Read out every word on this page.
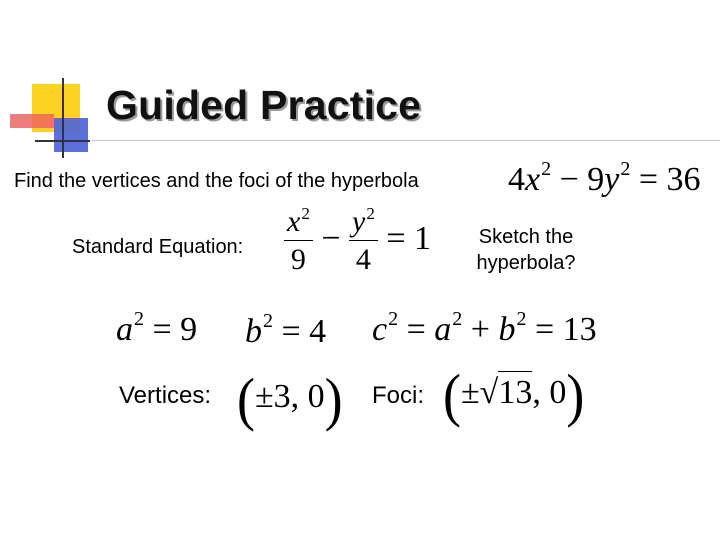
Guided Practice
Find the vertices and the foci of the hyperbola	$4x^2 - 9y^2 = 36$
Standard Equation: $\frac{x^2}{9} - \frac{y^2}{4} = 1$	Sketch the
hyperbola?
$a^2 = 9$ $b^2 = 4$ $c^2 = a^2 + b^2 = 13$
Vertices: (±3, 0) Foci: (±√13, 0)
